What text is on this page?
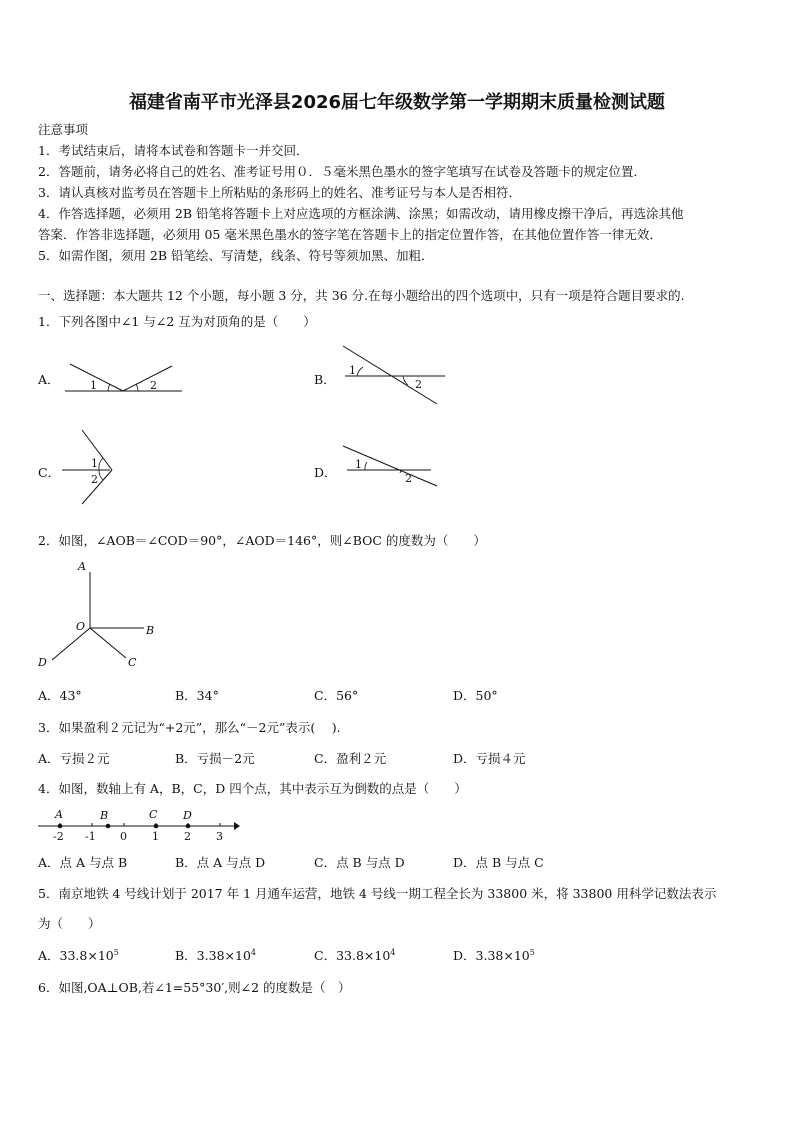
福建省南平市光泽县2026届七年级数学第一学期期末质量检测试题
注意事项
1．考试结束后，请将本试卷和答题卡一并交回．
2．答题前，请务必将自己的姓名、准考证号用０．５毫米黑色墨水的签字笔填写在试卷及答题卡的规定位置．
3．请认真核对监考员在答题卡上所粘贴的条形码上的姓名、准考证号与本人是否相符．
4．作答选择题，必须用 2B 铅笔将答题卡上对应选项的方框涂满、涂黑；如需改动，请用橡皮擦干净后，再选涂其他
答案．作答非选择题，必须用 05 毫米黑色墨水的签字笔在答题卡上的指定位置作答，在其他位置作答一律无效．
5．如需作图，须用 2B 铅笔绘、写清楚，线条、符号等须加黑、加粗．
一、选择题：本大题共 12 个小题，每小题 3 分，共 36 分.在每小题给出的四个选项中，只有一项是符合题目要求的.
1．下列各图中∠1 与∠2 互为对顶角的是（　　）
A．	1	2	B．
1
2
C．
1
2	D．
1
2
2．如图，∠AOB＝∠COD＝90°，∠AOD＝146°，则∠BOC 的度数为（　　）
A
O	B
D	C
A．43°	B．34°	C．56°	D．50°
3．如果盈利２元记为“+2元”，那么“－2元”表示(　 ).
A．亏损２元	B．亏损－2元	C．盈利２元	D．亏损４元
4．如图，数轴上有 A，B，C，D 四个点，其中表示互为倒数的点是（　　）
A	B	C D
-2 -1 0 1 2 3
A．点 A 与点 B	B．点 A 与点 D	C．点 B 与点 D	D．点 B 与点 C
5．南京地铁 4 号线计划于 2017 年 1 月通车运营，地铁 4 号线一期工程全长为 33800 米，将 33800 用科学记数法表示
为（　　）
A．$33.8\times 10^5$	B．$3.38\times 10^4$	C．$33.8\times 10^4$	D．$3.38\times 10^5$
6．如图,OA⊥OB,若∠1=55°30′,则∠2 的度数是（　）
